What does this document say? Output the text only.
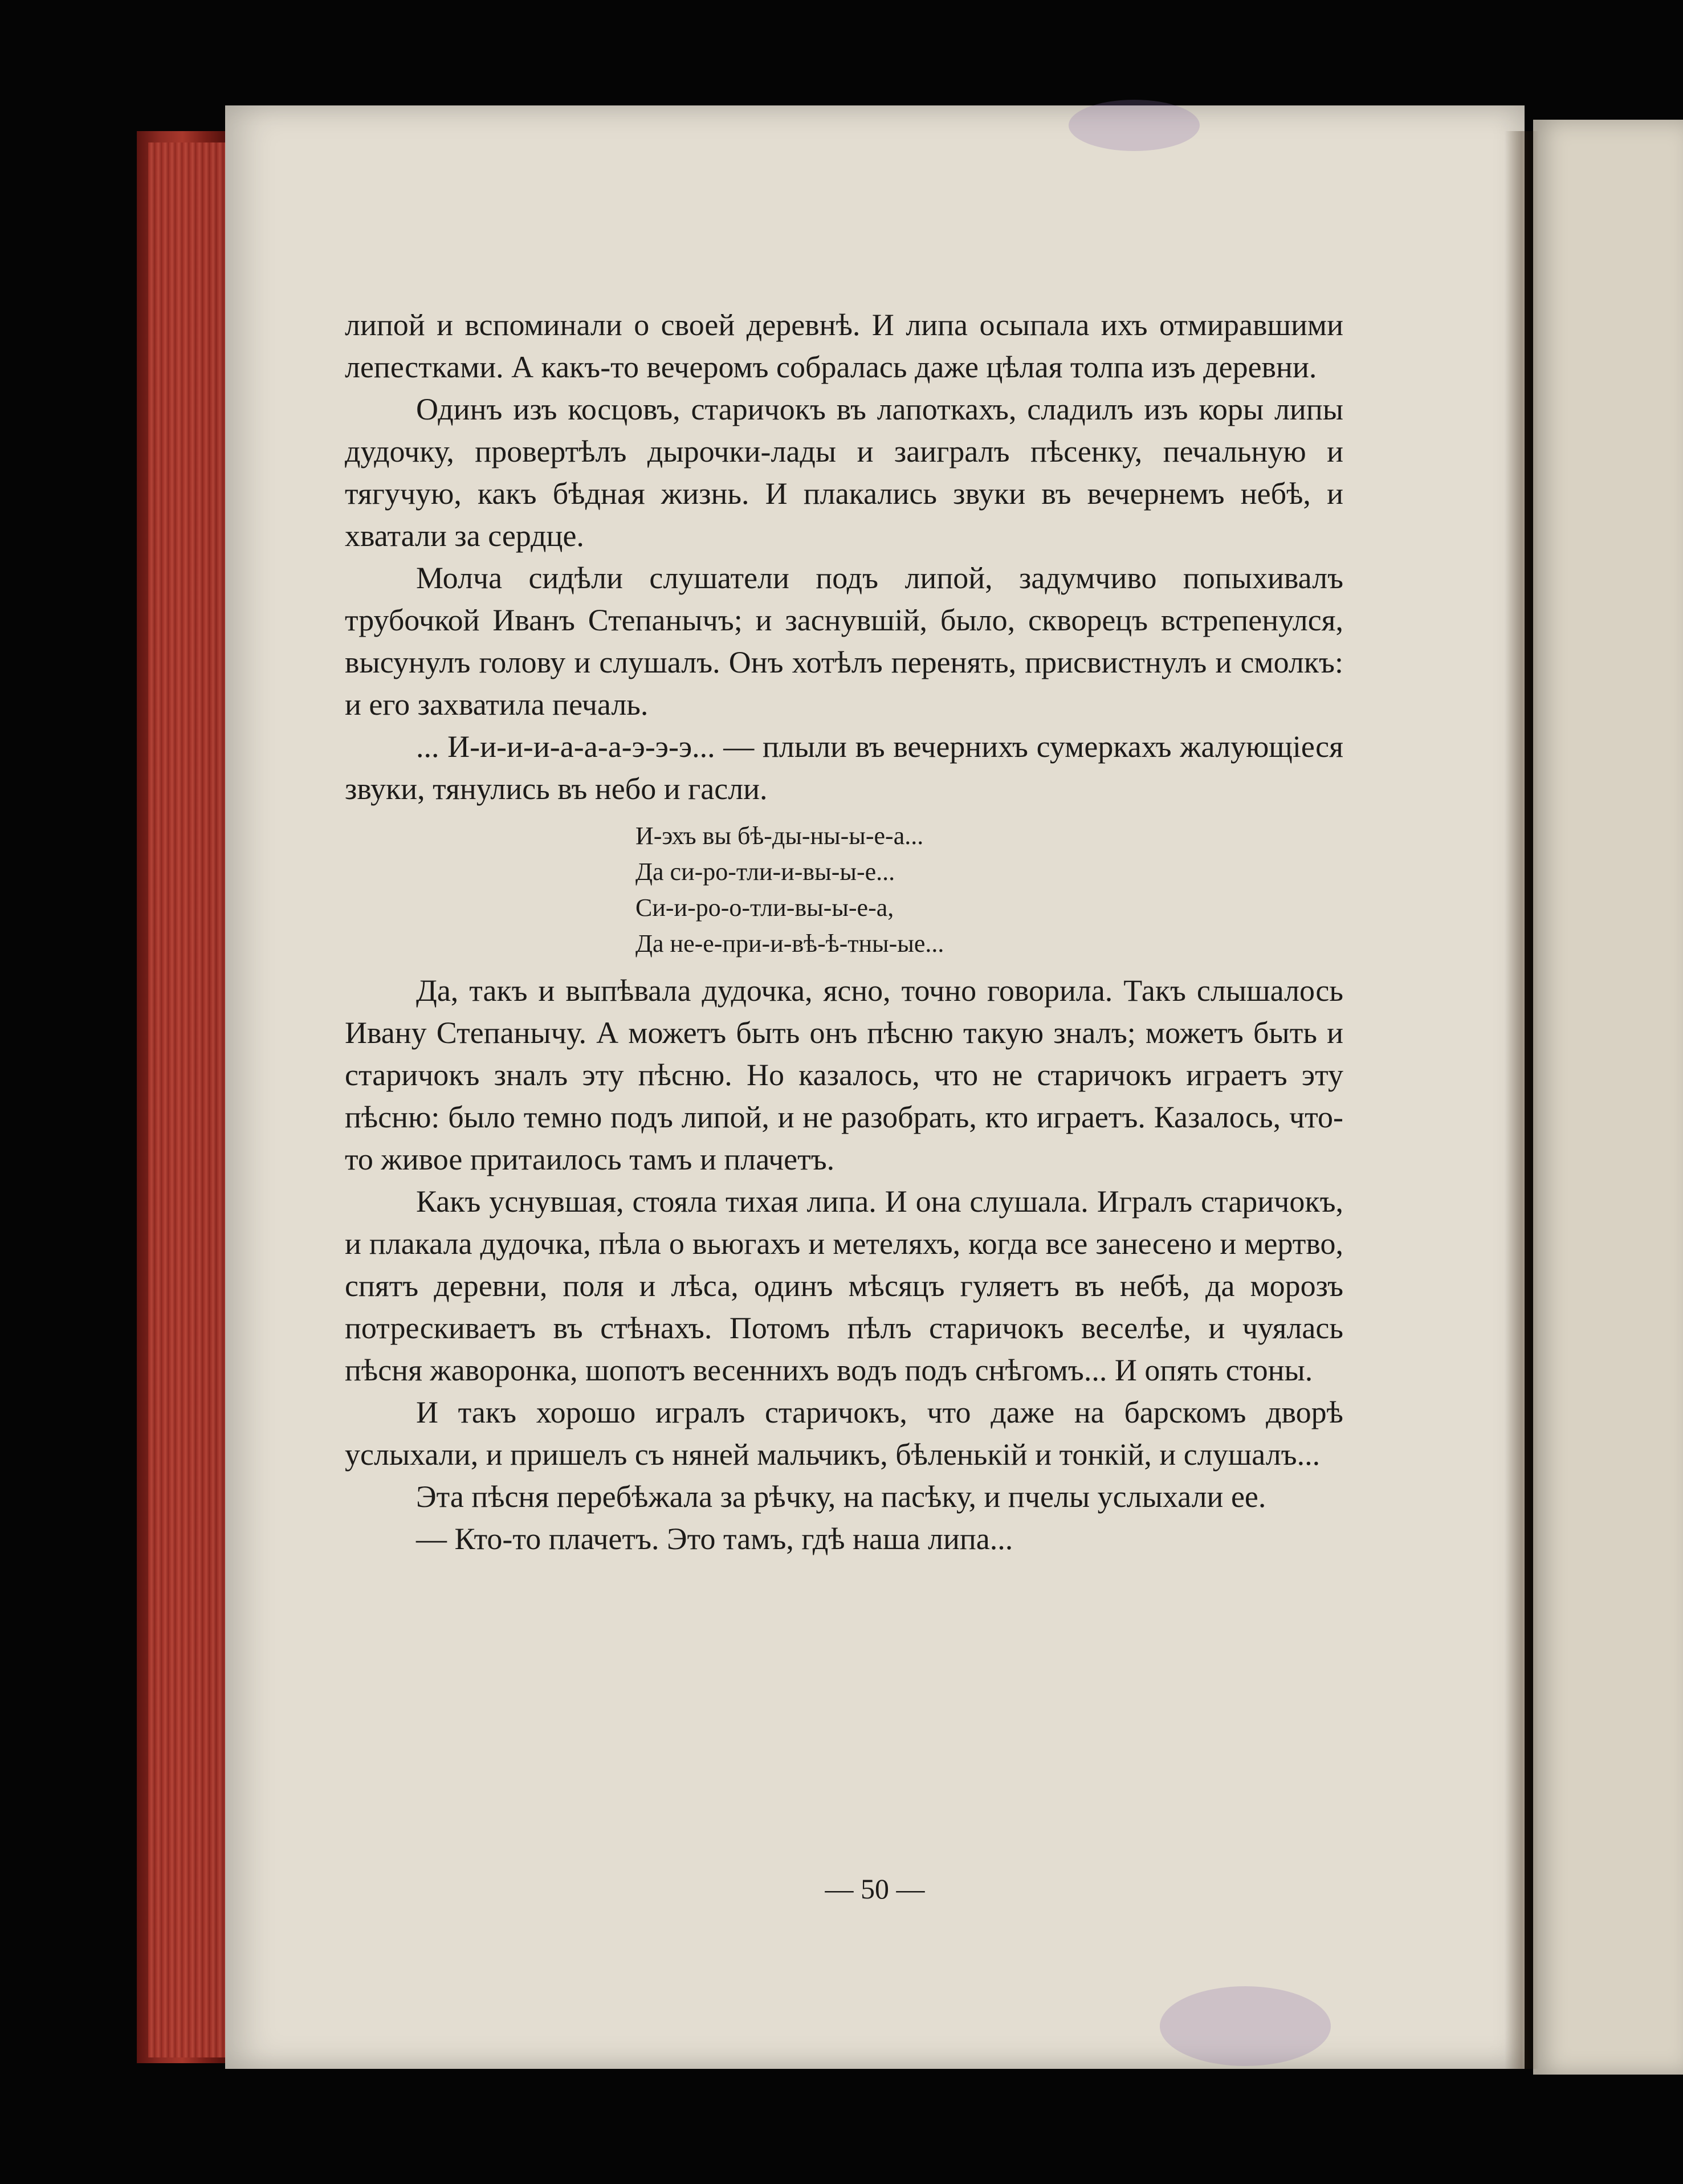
липой и вспоминали о своей деревнѣ. И липа осыпала ихъ отмиравшими лепестками. А какъ-то вечеромъ собралась даже цѣлая толпа изъ деревни.

Одинъ изъ косцовъ, старичокъ въ лапоткахъ, сладилъ изъ коры липы дудочку, провертѣлъ дырочки-лады и заигралъ пѣсенку, печальную и тягучую, какъ бѣдная жизнь. И плакались звуки въ вечернемъ небѣ, и хватали за сердце.

Молча сидѣли слушатели подъ липой, задумчиво попыхивалъ трубочкой Иванъ Степанычъ; и заснувшій, было, скворецъ встрепенулся, высунулъ голову и слушалъ. Онъ хотѣлъ перенять, присвистнулъ и смолкъ: и его захватила печаль.

... И-и-и-и-а-а-а-э-э-э... — плыли въ вечернихъ сумеркахъ жалующіеся звуки, тянулись въ небо и гасли.

И-эхъ вы бѣ-ды-ны-ы-е-а...
Да си-ро-тли-и-вы-ы-е...
Си-и-ро-о-тли-вы-ы-е-а,
Да не-е-при-и-вѣ-ѣ-тны-ые...

Да, такъ и выпѣвала дудочка, ясно, точно говорила. Такъ слышалось Ивану Степанычу. А можетъ быть онъ пѣсню такую зналъ; можетъ быть и старичокъ зналъ эту пѣсню. Но казалось, что не старичокъ играетъ эту пѣсню: было темно подъ липой, и не разобрать, кто играетъ. Казалось, что-то живое притаилось тамъ и плачетъ.

Какъ уснувшая, стояла тихая липа. И она слушала. Игралъ старичокъ, и плакала дудочка, пѣла о вьюгахъ и метеляхъ, когда все занесено и мертво, спятъ деревни, поля и лѣса, одинъ мѣсяцъ гуляетъ въ небѣ, да морозъ потрескиваетъ въ стѣнахъ. Потомъ пѣлъ старичокъ веселѣе, и чуялась пѣсня жаворонка, шопотъ весеннихъ водъ подъ снѣгомъ... И опять стоны.

И такъ хорошо игралъ старичокъ, что даже на барскомъ дворѣ услыхали, и пришелъ съ няней мальчикъ, бѣленькій и тонкій, и слушалъ...

Эта пѣсня перебѣжала за рѣчку, на пасѣку, и пчелы услыхали ее.

— Кто-то плачетъ. Это тамъ, гдѣ наша липа...

— 50 —
